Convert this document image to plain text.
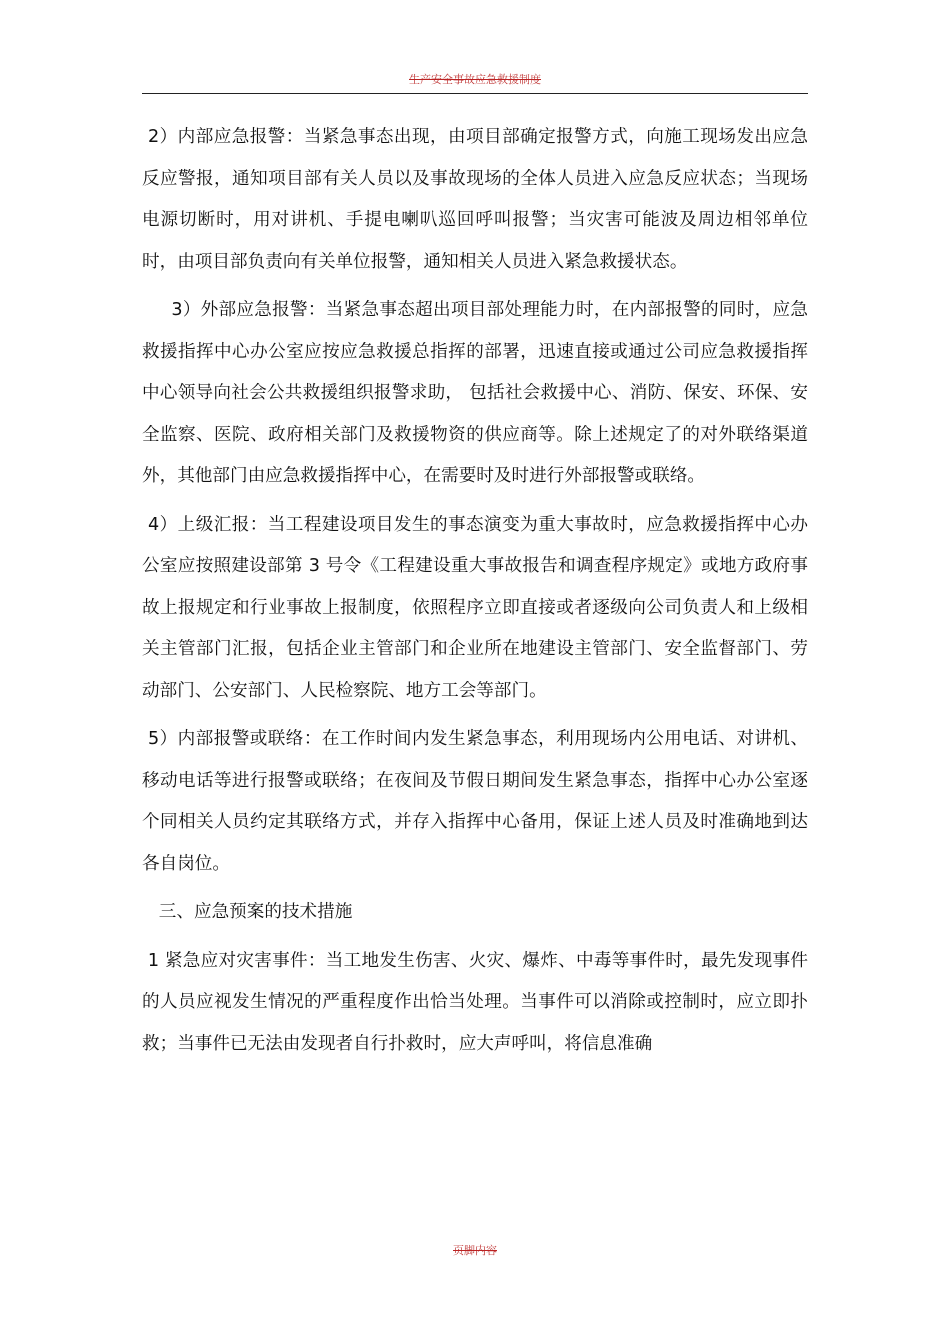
生产安全事故应急救援制度

2）内部应急报警：当紧急事态出现，由项目部确定报警方式，向施工现场发出应急反应警报，通知项目部有关人员以及事故现场的全体人员进入应急反应状态；当现场电源切断时，用对讲机、手提电喇叭巡回呼叫报警；当灾害可能波及周边相邻单位时，由项目部负责向有关单位报警，通知相关人员进入紧急救援状态。

3）外部应急报警：当紧急事态超出项目部处理能力时，在内部报警的同时，应急救援指挥中心办公室应按应急救援总指挥的部署，迅速直接或通过公司应急救援指挥中心领导向社会公共救援组织报警求助， 包括社会救援中心、消防、保安、环保、安全监察、医院、政府相关部门及救援物资的供应商等。除上述规定了的对外联络渠道外，其他部门由应急救援指挥中心，在需要时及时进行外部报警或联络。

4）上级汇报：当工程建设项目发生的事态演变为重大事故时，应急救援指挥中心办公室应按照建设部第 3 号令《工程建设重大事故报告和调查程序规定》或地方政府事故上报规定和行业事故上报制度，依照程序立即直接或者逐级向公司负责人和上级相关主管部门汇报，包括企业主管部门和企业所在地建设主管部门、安全监督部门、劳动部门、公安部门、人民检察院、地方工会等部门。

5）内部报警或联络：在工作时间内发生紧急事态，利用现场内公用电话、对讲机、移动电话等进行报警或联络；在夜间及节假日期间发生紧急事态，指挥中心办公室逐个同相关人员约定其联络方式，并存入指挥中心备用，保证上述人员及时准确地到达各自岗位。

三、应急预案的技术措施

1 紧急应对灾害事件：当工地发生伤害、火灾、爆炸、中毒等事件时，最先发现事件的人员应视发生情况的严重程度作出恰当处理。当事件可以消除或控制时，应立即扑救；当事件已无法由发现者自行扑救时，应大声呼叫，将信息准确

页脚内容
